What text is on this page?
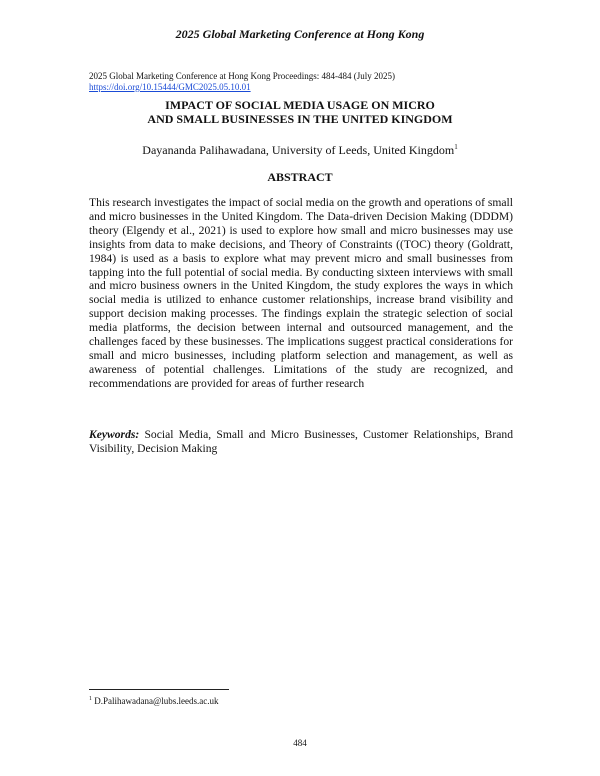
2025 Global Marketing Conference at Hong Kong
2025 Global Marketing Conference at Hong Kong Proceedings: 484-484 (July 2025)
https://doi.org/10.15444/GMC2025.05.10.01
IMPACT OF SOCIAL MEDIA USAGE ON MICRO
AND SMALL BUSINESSES IN THE UNITED KINGDOM
Dayananda Palihawadana, University of Leeds, United Kingdom$^1$
ABSTRACT

This research investigates the impact of social media on the growth and operations of small and micro businesses in the United Kingdom. The Data-driven Decision Making (DDDM) theory (Elgendy et al., 2021) is used to explore how small and micro businesses may use insights from data to make decisions, and Theory of Constraints ((TOC) theory (Goldratt, 1984) is used as a basis to explore what may prevent micro and small businesses from tapping into the full potential of social media. By conducting sixteen interviews with small and micro business owners in the United Kingdom, the study explores the ways in which social media is utilized to enhance customer relationships, increase brand visibility and support decision making processes. The findings explain the strategic selection of social media platforms, the decision between internal and outsourced management, and the challenges faced by these businesses. The implications suggest practical considerations for small and micro businesses, including platform selection and management, as well as awareness of potential challenges. Limitations of the study are recognized, and recommendations are provided for areas of further research

Keywords: Social Media, Small and Micro Businesses, Customer Relationships, Brand Visibility, Decision Making

$^1$ D.Palihawadana@lubs.leeds.ac.uk
484
